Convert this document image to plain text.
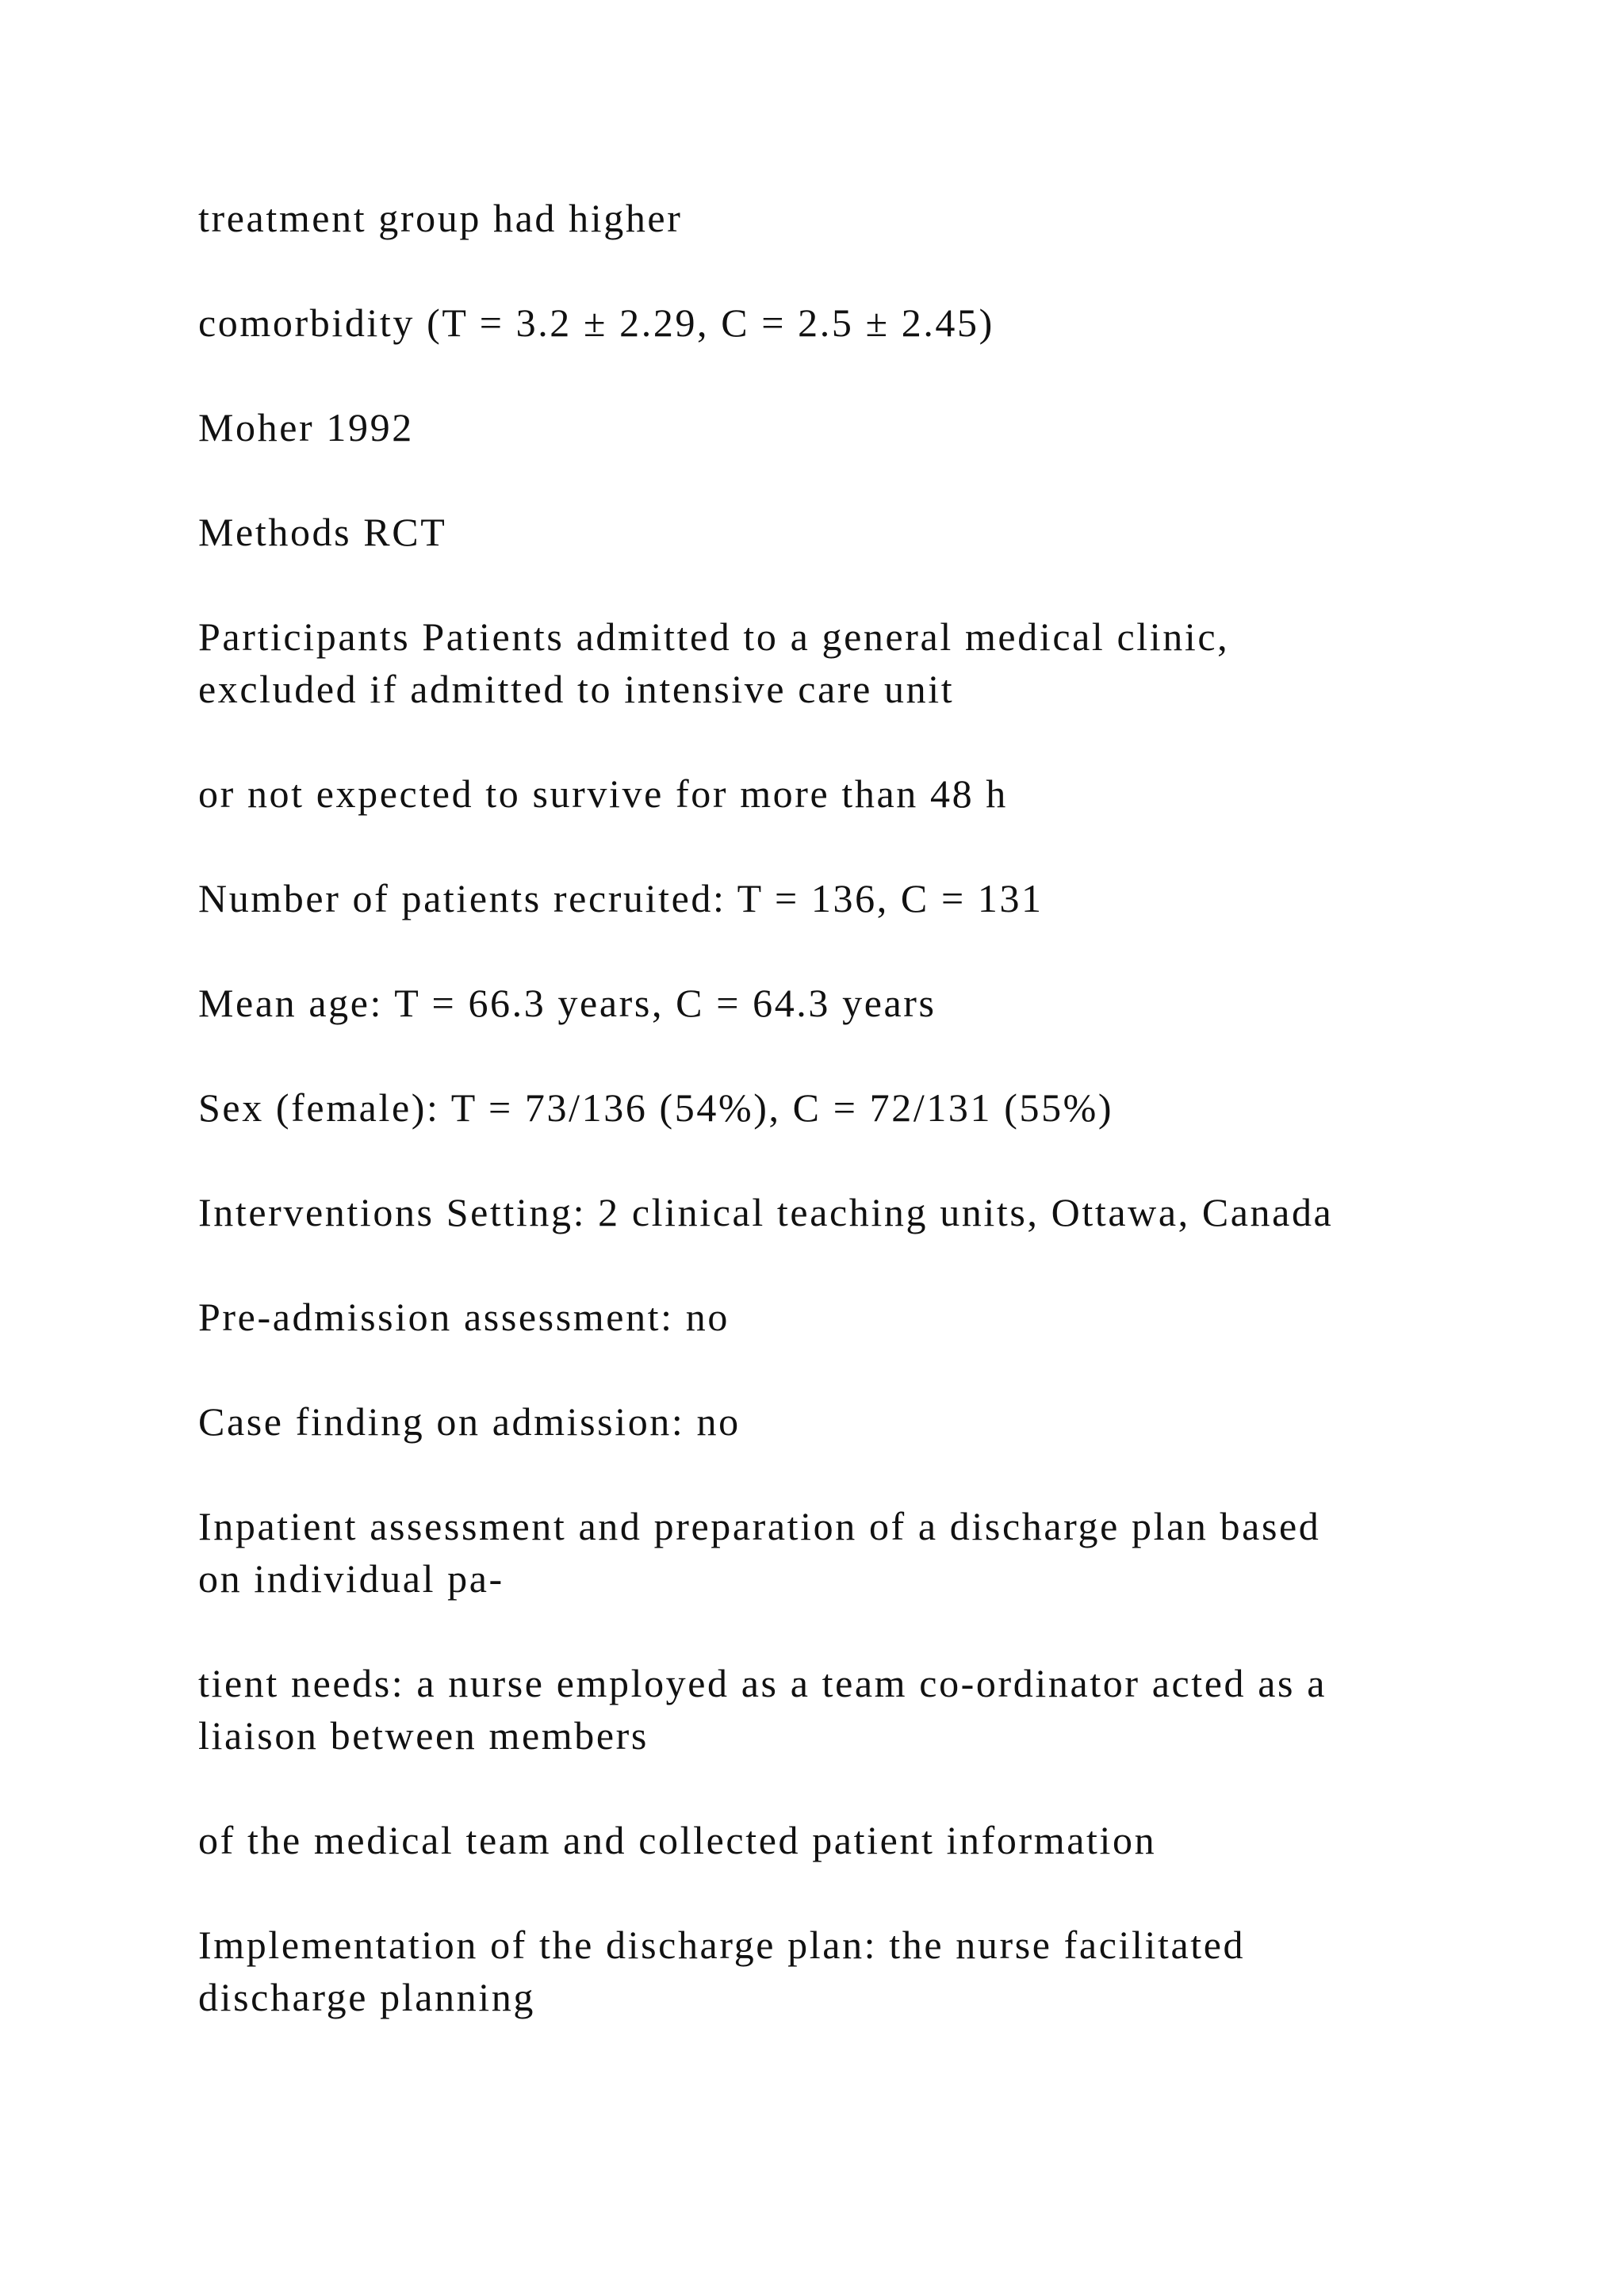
treatment group had higher

comorbidity (T = 3.2 ± 2.29, C = 2.5 ± 2.45)

Moher 1992

Methods RCT

Participants Patients admitted to a general medical clinic,
excluded if admitted to intensive care unit

or not expected to survive for more than 48 h

Number of patients recruited: T = 136, C = 131

Mean age: T = 66.3 years, C = 64.3 years

Sex (female): T = 73/136 (54%), C = 72/131 (55%)

Interventions Setting: 2 clinical teaching units, Ottawa, Canada

Pre-admission assessment: no

Case finding on admission: no

Inpatient assessment and preparation of a discharge plan based
on individual pa-

tient needs: a nurse employed as a team co-ordinator acted as a
liaison between members

of the medical team and collected patient information

Implementation of the discharge plan: the nurse facilitated
discharge planning
